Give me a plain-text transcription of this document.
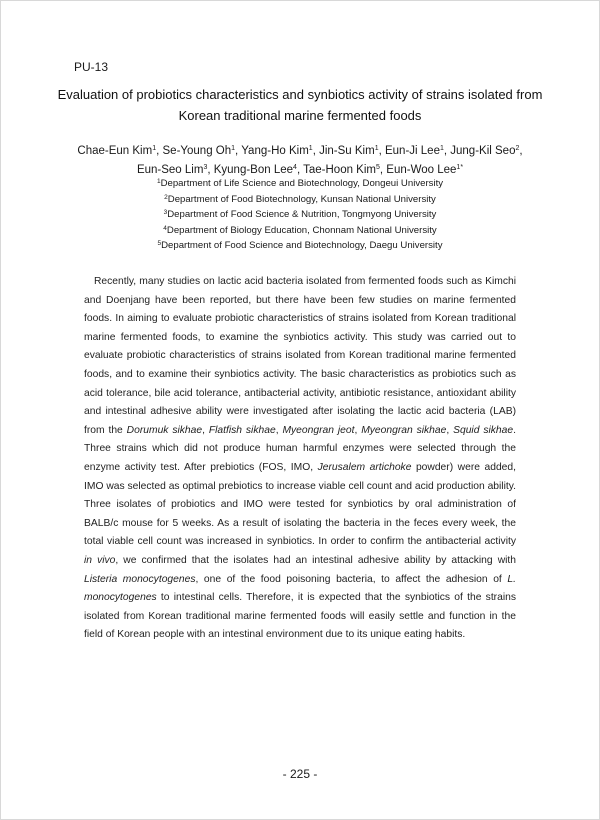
PU-13
Evaluation of probiotics characteristics and synbiotics activity of strains isolated from
Korean traditional marine fermented foods
Chae-Eun Kim$^1$, Se-Young Oh$^1$, Yang-Ho Kim$^1$, Jin-Su Kim$^1$, Eun-Ji Lee$^1$, Jung-Kil Seo$^2$, Eun-Seo Lim$^3$, Kyung-Bon Lee$^4$, Tae-Hoon Kim$^5$, Eun-Woo Lee$^{1*}$
$^1$Department of Life Science and Biotechnology, Dongeui University
$^2$Department of Food Biotechnology, Kunsan National University
$^3$Department of Food Science & Nutrition, Tongmyong University
$^4$Department of Biology Education, Chonnam National University
$^5$Department of Food Science and Biotechnology, Daegu University

Recently, many studies on lactic acid bacteria isolated from fermented foods such as Kimchi and Doenjang have been reported, but there have been few studies on marine fermented foods. In aiming to evaluate probiotic characteristics of strains isolated from Korean traditional marine fermented foods, to examine the synbiotics activity. This study was carried out to evaluate probiotic characteristics of strains isolated from Korean traditional marine fermented foods, and to examine their synbiotics activity. The basic characteristics as probiotics such as acid tolerance, bile acid tolerance, antibacterial activity, antibiotic resistance, antioxidant ability and intestinal adhesive ability were investigated after isolating the lactic acid bacteria (LAB) from the Dorumuk sikhae, Flatfish sikhae, Myeongran jeot, Myeongran sikhae, Squid sikhae. Three strains which did not produce human harmful enzymes were selected through the enzyme activity test. After prebiotics (FOS, IMO, Jerusalem artichoke powder) were added, IMO was selected as optimal prebiotics to increase viable cell count and acid production ability. Three isolates of probiotics and IMO were tested for synbiotics by oral administration of BALB/c mouse for 5 weeks. As a result of isolating the bacteria in the feces every week, the total viable cell count was increased in synbiotics. In order to confirm the antibacterial activity in vivo, we confirmed that the isolates had an intestinal adhesive ability by attacking with Listeria monocytogenes, one of the food poisoning bacteria, to affect the adhesion of L. monocytogenes to intestinal cells. Therefore, it is expected that the synbiotics of the strains isolated from Korean traditional marine fermented foods will easily settle and function in the field of Korean people with an intestinal environment due to its unique eating habits.

- 225 -
